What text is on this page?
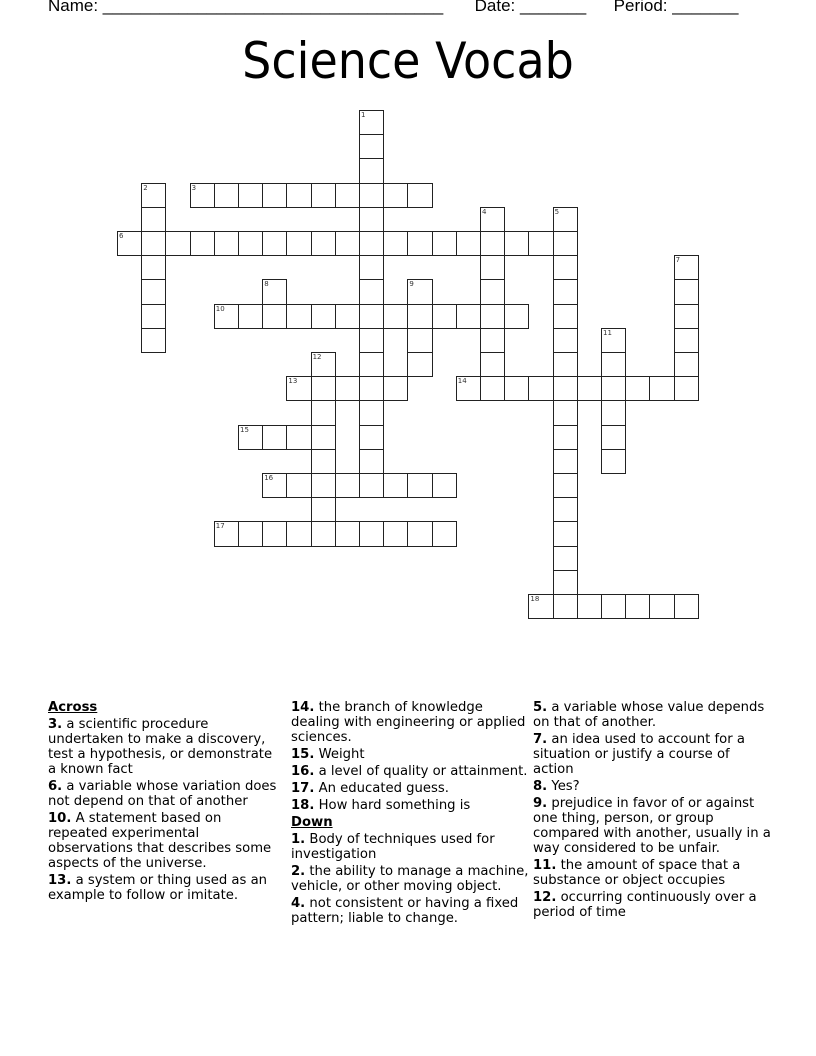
Name: ____________________________________ Date: _______ Period: _______
Science Vocab
1
2	3
4	5
6
7
8	9
10
11
12
13	14
15
16
17
18
Across
3. a scientific procedure undertaken to make a discovery, test a hypothesis, or demonstrate a known fact
6. a variable whose variation does not depend on that of another
10. A statement based on repeated experimental observations that describes some aspects of the universe.
13. a system or thing used as an example to follow or imitate.
14. the branch of knowledge dealing with engineering or applied sciences.
15. Weight
16. a level of quality or attainment.
17. An educated guess.
18. How hard something is
Down
1. Body of techniques used for investigation
2. the ability to manage a machine, vehicle, or other moving object.
4. not consistent or having a fixed pattern; liable to change.
5. a variable whose value depends on that of another.
7. an idea used to account for a situation or justify a course of action
8. Yes?
9. prejudice in favor of or against one thing, person, or group compared with another, usually in a way considered to be unfair.
11. the amount of space that a substance or object occupies
12. occurring continuously over a period of time
